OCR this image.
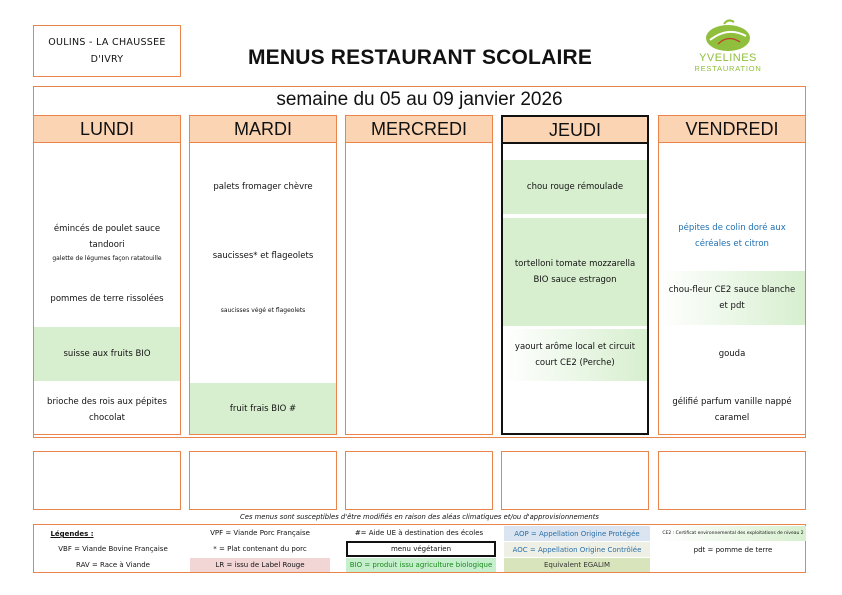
OULINS - LA CHAUSSEE
D'IVRY	MENUS RESTAURANT SCOLAIRE	YVELINES
RESTAURATION
semaine du 05 au 09 janvier 2026
LUNDI
émincés de poulet sauce tandoori
galette de légumes façon ratatouille
pommes de terre rissolées
suisse aux fruits BIO
brioche des rois aux pépites chocolat
MARDI
palets fromager chèvre
saucisses* et flageolets
saucisses végé et flageolets
fruit frais BIO #
MERCREDI	JEUDI
chou rouge rémoulade
tortelloni tomate mozzarella BIO sauce estragon
yaourt arôme local et circuit court CE2 (Perche)
VENDREDI
pépites de colin doré aux céréales et citron
chou-fleur CE2 sauce blanche et pdt
gouda
gélifié parfum vanille nappé caramel
Ces menus sont susceptibles d'être modifiés en raison des aléas climatiques et/ou d'approvisionnements
Légendes :	VPF = Viande Porc Française	#= Aide UE à destination des écoles	AOP = Appellation Origine Protégée	CE2 : Certificat environnemental des exploitations de niveau 2
VBF = Viande Bovine Française	* = Plat contenant du porc	menu végétarien	AOC = Appellation Origine Contrôlée	pdt = pomme de terre
RAV = Race à Viande	LR = issu de Label Rouge	BIO = produit issu agriculture biologique	Equivalent EGALIM
